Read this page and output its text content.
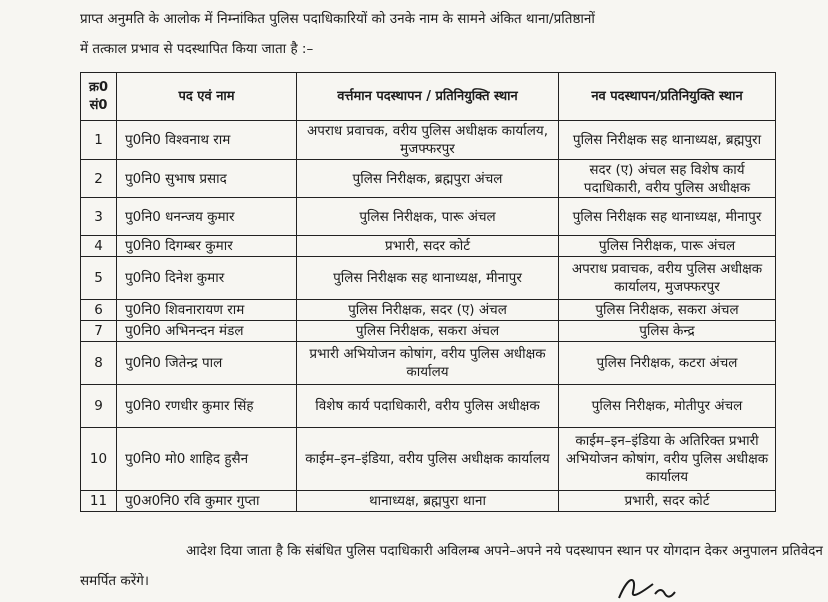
प्राप्त अनुमति के आलोक में निम्नांकित पुलिस पदाधिकारियों को उनके नाम के सामने अंकित थाना/प्रतिष्ठानों
में तत्काल प्रभाव से पदस्थापित किया जाता है :–
क्र0 सं0	पद एवं नाम	वर्त्तमान पदस्थापन / प्रतिनियुक्ति स्थान	नव पदस्थापन/प्रतिनियुक्ति स्थान
1	पु0नि0 विश्वनाथ राम	अपराध प्रवाचक, वरीय पुलिस अधीक्षक कार्यालय, मुजफ्फरपुर	पुलिस निरीक्षक सह थानाध्यक्ष, ब्रह्मपुरा
2	पु0नि0 सुभाष प्रसाद	पुलिस निरीक्षक, ब्रह्मपुरा अंचल	सदर (ए) अंचल सह विशेष कार्य पदाधिकारी, वरीय पुलिस अधीक्षक
3	पु0नि0 धनन्जय कुमार	पुलिस निरीक्षक, पारू अंचल	पुलिस निरीक्षक सह थानाध्यक्ष, मीनापुर
4	पु0नि0 दिगम्बर कुमार	प्रभारी, सदर कोर्ट	पुलिस निरीक्षक, पारू अंचल
5	पु0नि0 दिनेश कुमार	पुलिस निरीक्षक सह थानाध्यक्ष, मीनापुर	अपराध प्रवाचक, वरीय पुलिस अधीक्षक कार्यालय, मुजफ्फरपुर
6	पु0नि0 शिवनारायण राम	पुलिस निरीक्षक, सदर (ए) अंचल	पुलिस निरीक्षक, सकरा अंचल
7	पु0नि0 अभिनन्दन मंडल	पुलिस निरीक्षक, सकरा अंचल	पुलिस केन्द्र
8	पु0नि0 जितेन्द्र पाल	प्रभारी अभियोजन कोषांग, वरीय पुलिस अधीक्षक कार्यालय	पुलिस निरीक्षक, कटरा अंचल
9	पु0नि0 रणधीर कुमार सिंह	विशेष कार्य पदाधिकारी, वरीय पुलिस अधीक्षक	पुलिस निरीक्षक, मोतीपुर अंचल
10	पु0नि0 मो0 शाहिद हुसैन	काईम–इन–इंडिया, वरीय पुलिस अधीक्षक कार्यालय	काईम–इन–इंडिया के अतिरिक्त प्रभारी अभियोजन कोषांग, वरीय पुलिस अधीक्षक कार्यालय
11	पु0अ0नि0 रवि कुमार गुप्ता	थानाध्यक्ष, ब्रह्मपुरा थाना	प्रभारी, सदर कोर्ट
आदेश दिया जाता है कि संबंधित पुलिस पदाधिकारी अविलम्ब अपने–अपने नये पदस्थापन स्थान पर योगदान देकर अनुपालन प्रतिवेदन समर्पित करेंगे।
